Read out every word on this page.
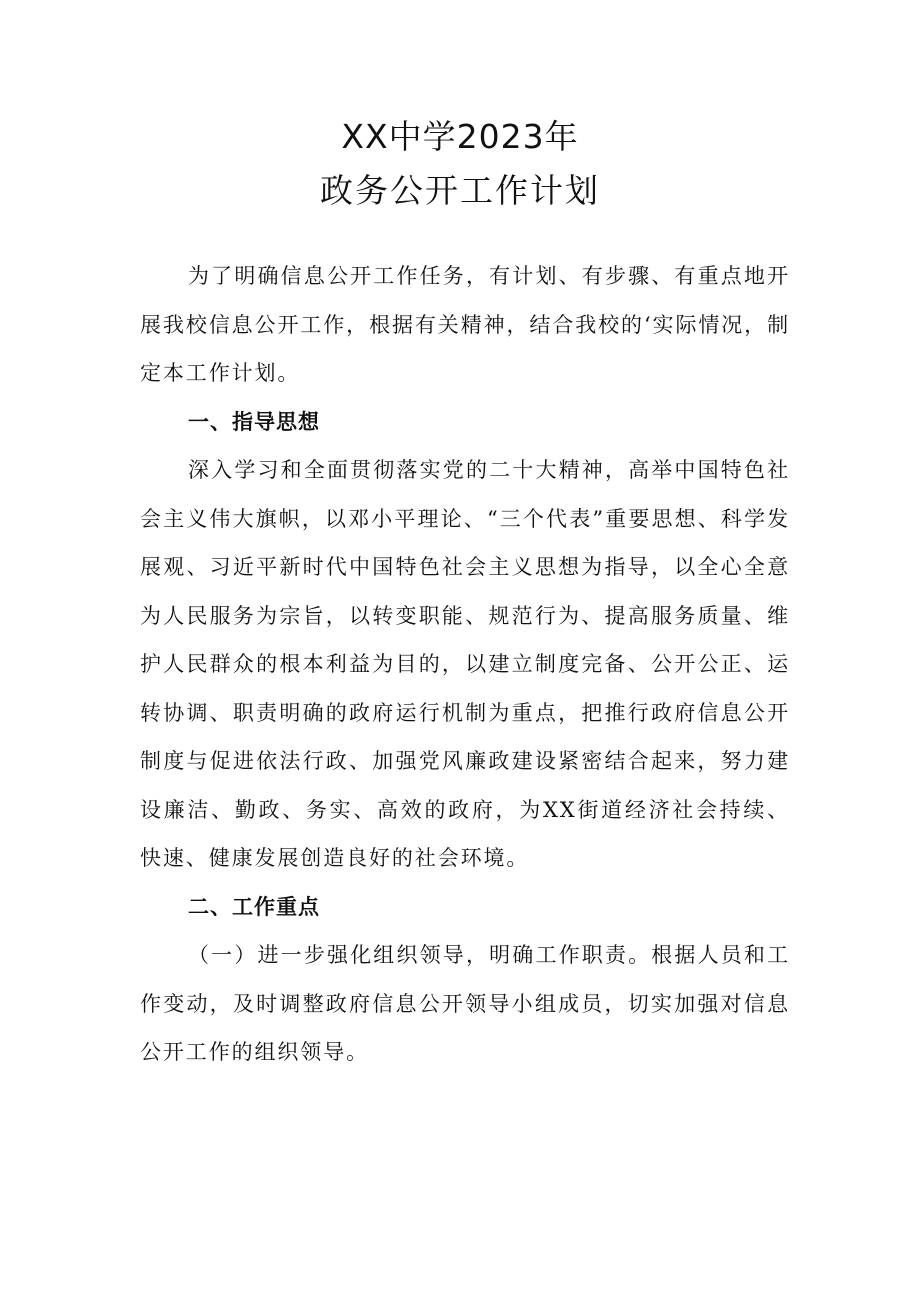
XX中学2023年
政务公开工作计划

为了明确信息公开工作任务，有计划、有步骤、有重点地开展我校信息公开工作，根据有关精神，结合我校的‘实际情况，制定本工作计划。

一、指导思想

深入学习和全面贯彻落实党的二十大精神，高举中国特色社会主义伟大旗帜，以邓小平理论、“三个代表”重要思想、科学发展观、习近平新时代中国特色社会主义思想为指导，以全心全意为人民服务为宗旨，以转变职能、规范行为、提高服务质量、维护人民群众的根本利益为目的，以建立制度完备、公开公正、运转协调、职责明确的政府运行机制为重点，把推行政府信息公开制度与促进依法行政、加强党风廉政建设紧密结合起来，努力建设廉洁、勤政、务实、高效的政府，为XX街道经济社会持续、快速、健康发展创造良好的社会环境。

二、工作重点

（一）进一步强化组织领导，明确工作职责。根据人员和工作变动，及时调整政府信息公开领导小组成员，切实加强对信息公开工作的组织领导。
